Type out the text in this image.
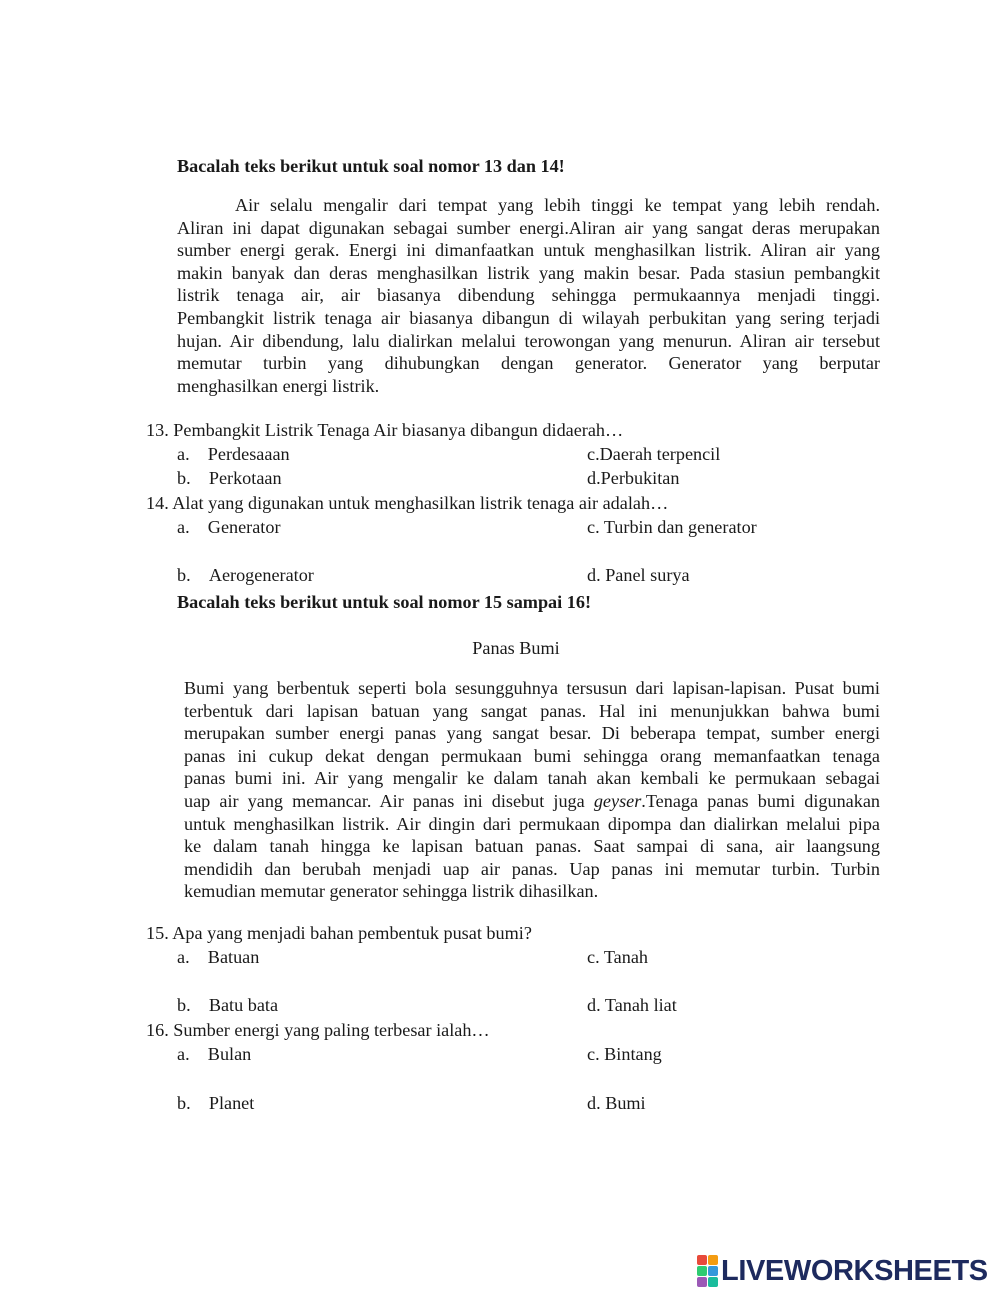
Bacalah teks berikut untuk soal nomor 13 dan 14!
Air selalu mengalir dari tempat yang lebih tinggi ke tempat yang lebih rendah.
Aliran ini dapat digunakan sebagai sumber energi.Aliran air yang sangat deras merupakan
sumber energi gerak. Energi ini dimanfaatkan untuk menghasilkan listrik. Aliran air yang
makin banyak dan deras menghasilkan listrik yang makin besar. Pada stasiun pembangkit
listrik tenaga air, air biasanya dibendung sehingga permukaannya menjadi tinggi.
Pembangkit listrik tenaga air biasanya dibangun di wilayah perbukitan yang sering terjadi
hujan. Air dibendung, lalu dialirkan melalui terowongan yang menurun. Aliran air tersebut
memutar turbin yang dihubungkan dengan generator. Generator yang berputar
menghasilkan energi listrik.
13. Pembangkit Listrik Tenaga Air biasanya dibangun didaerah…
a. Perdesaaan	c.Daerah terpencil
b. Perkotaan	d.Perbukitan
14. Alat yang digunakan untuk menghasilkan listrik tenaga air adalah…
a. Generator	c. Turbin dan generator
b. Aerogenerator	d. Panel surya
Bacalah teks berikut untuk soal nomor 15 sampai 16!
Panas Bumi
Bumi yang berbentuk seperti bola sesungguhnya tersusun dari lapisan-lapisan. Pusat bumi
terbentuk dari lapisan batuan yang sangat panas. Hal ini menunjukkan bahwa bumi
merupakan sumber energi panas yang sangat besar. Di beberapa tempat, sumber energi
panas ini cukup dekat dengan permukaan bumi sehingga orang memanfaatkan tenaga
panas bumi ini. Air yang mengalir ke dalam tanah akan kembali ke permukaan sebagai
uap air yang memancar. Air panas ini disebut juga geyser.Tenaga panas bumi digunakan
untuk menghasilkan listrik. Air dingin dari permukaan dipompa dan dialirkan melalui pipa
ke dalam tanah hingga ke lapisan batuan panas. Saat sampai di sana, air laangsung
mendidih dan berubah menjadi uap air panas. Uap panas ini memutar turbin. Turbin
kemudian memutar generator sehingga listrik dihasilkan.
15. Apa yang menjadi bahan pembentuk pusat bumi?
a. Batuan	c. Tanah
b. Batu bata	d. Tanah liat
16. Sumber energi yang paling terbesar ialah…
a. Bulan	c. Bintang
b. Planet	d. Bumi
LIVEWORKSHEETS
